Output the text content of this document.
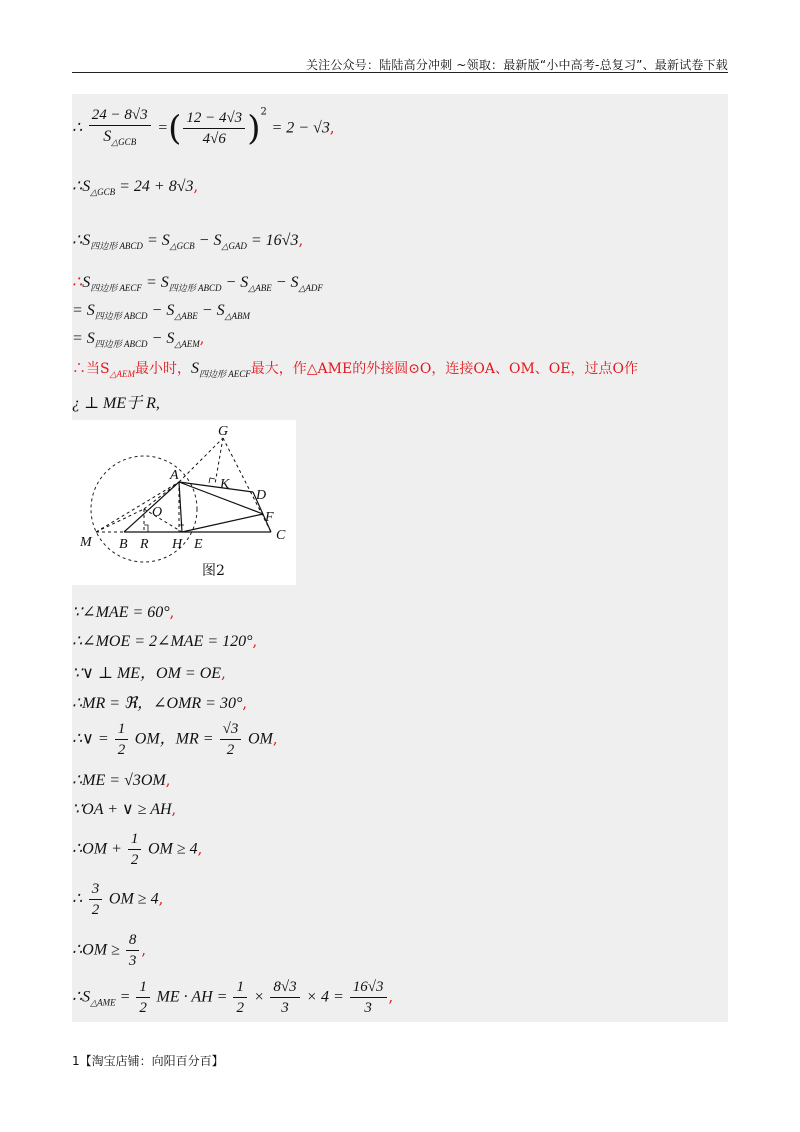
关注公众号：陆陆高分冲刺 ~领取：最新版“小中高考-总复习”、最新试卷下载
∴ $\frac{24 - 8√3}{S_{\triangle GCB}}$ =( $\frac{12 - 4√3}{4√6} )^2 = 2 - √3$,
$\therefore S_{\triangle GCB} = 24 + 8√3$,
$\therefore S_{四边形 ABCD} = S_{\triangle GCB} - S_{\triangle GAD} = 16√3$,
$\therefore S_{四边形 AECF} = S_{四边形 ABCD} - S_{\triangle ABE} - S_{\triangle ADF}$
= $S_{四边形 ABCD} - S_{\triangle ABE} - S_{\triangle ABM}$
= $S_{四边形 ABCD} - S_{\triangle AEM}$,
∴当$S_{\triangle AEM}$最小时，$S_{四边形 AECF}$最大，作△AME的外接圆⊙O，连接OA、OM、OE，过点O作
¿ ⊥ ME于 R,
G
A
K
D
F
O
M B R H E
C
图2
∵∠MAE = 60°,
∴∠MOE = 2∠MAE = 120°,
∵∨ ⊥ ME，OM = OE,
∴MR = ℜ，∠OMR = 30°,
∴∨ = $\frac{1}{2}$ OM，MR = $\frac{√3}{2}$ OM,
∴ME = √3OM,
∵OA + ∨ ≥ AH,
∴OM + $\frac{1}{2}$ OM ≥ 4,
∴ $\frac{3}{2}$ OM ≥ 4,
∴OM ≥ $\frac{8}{3}$ ,
$\therefore S_{\triangle AME} = \frac{1}{2}$ ME · AH = $\frac{1}{2} \times \frac{8√3}{3} \times 4 = \frac{16√3}{3}$ ,
1【淘宝店铺：向阳百分百】
